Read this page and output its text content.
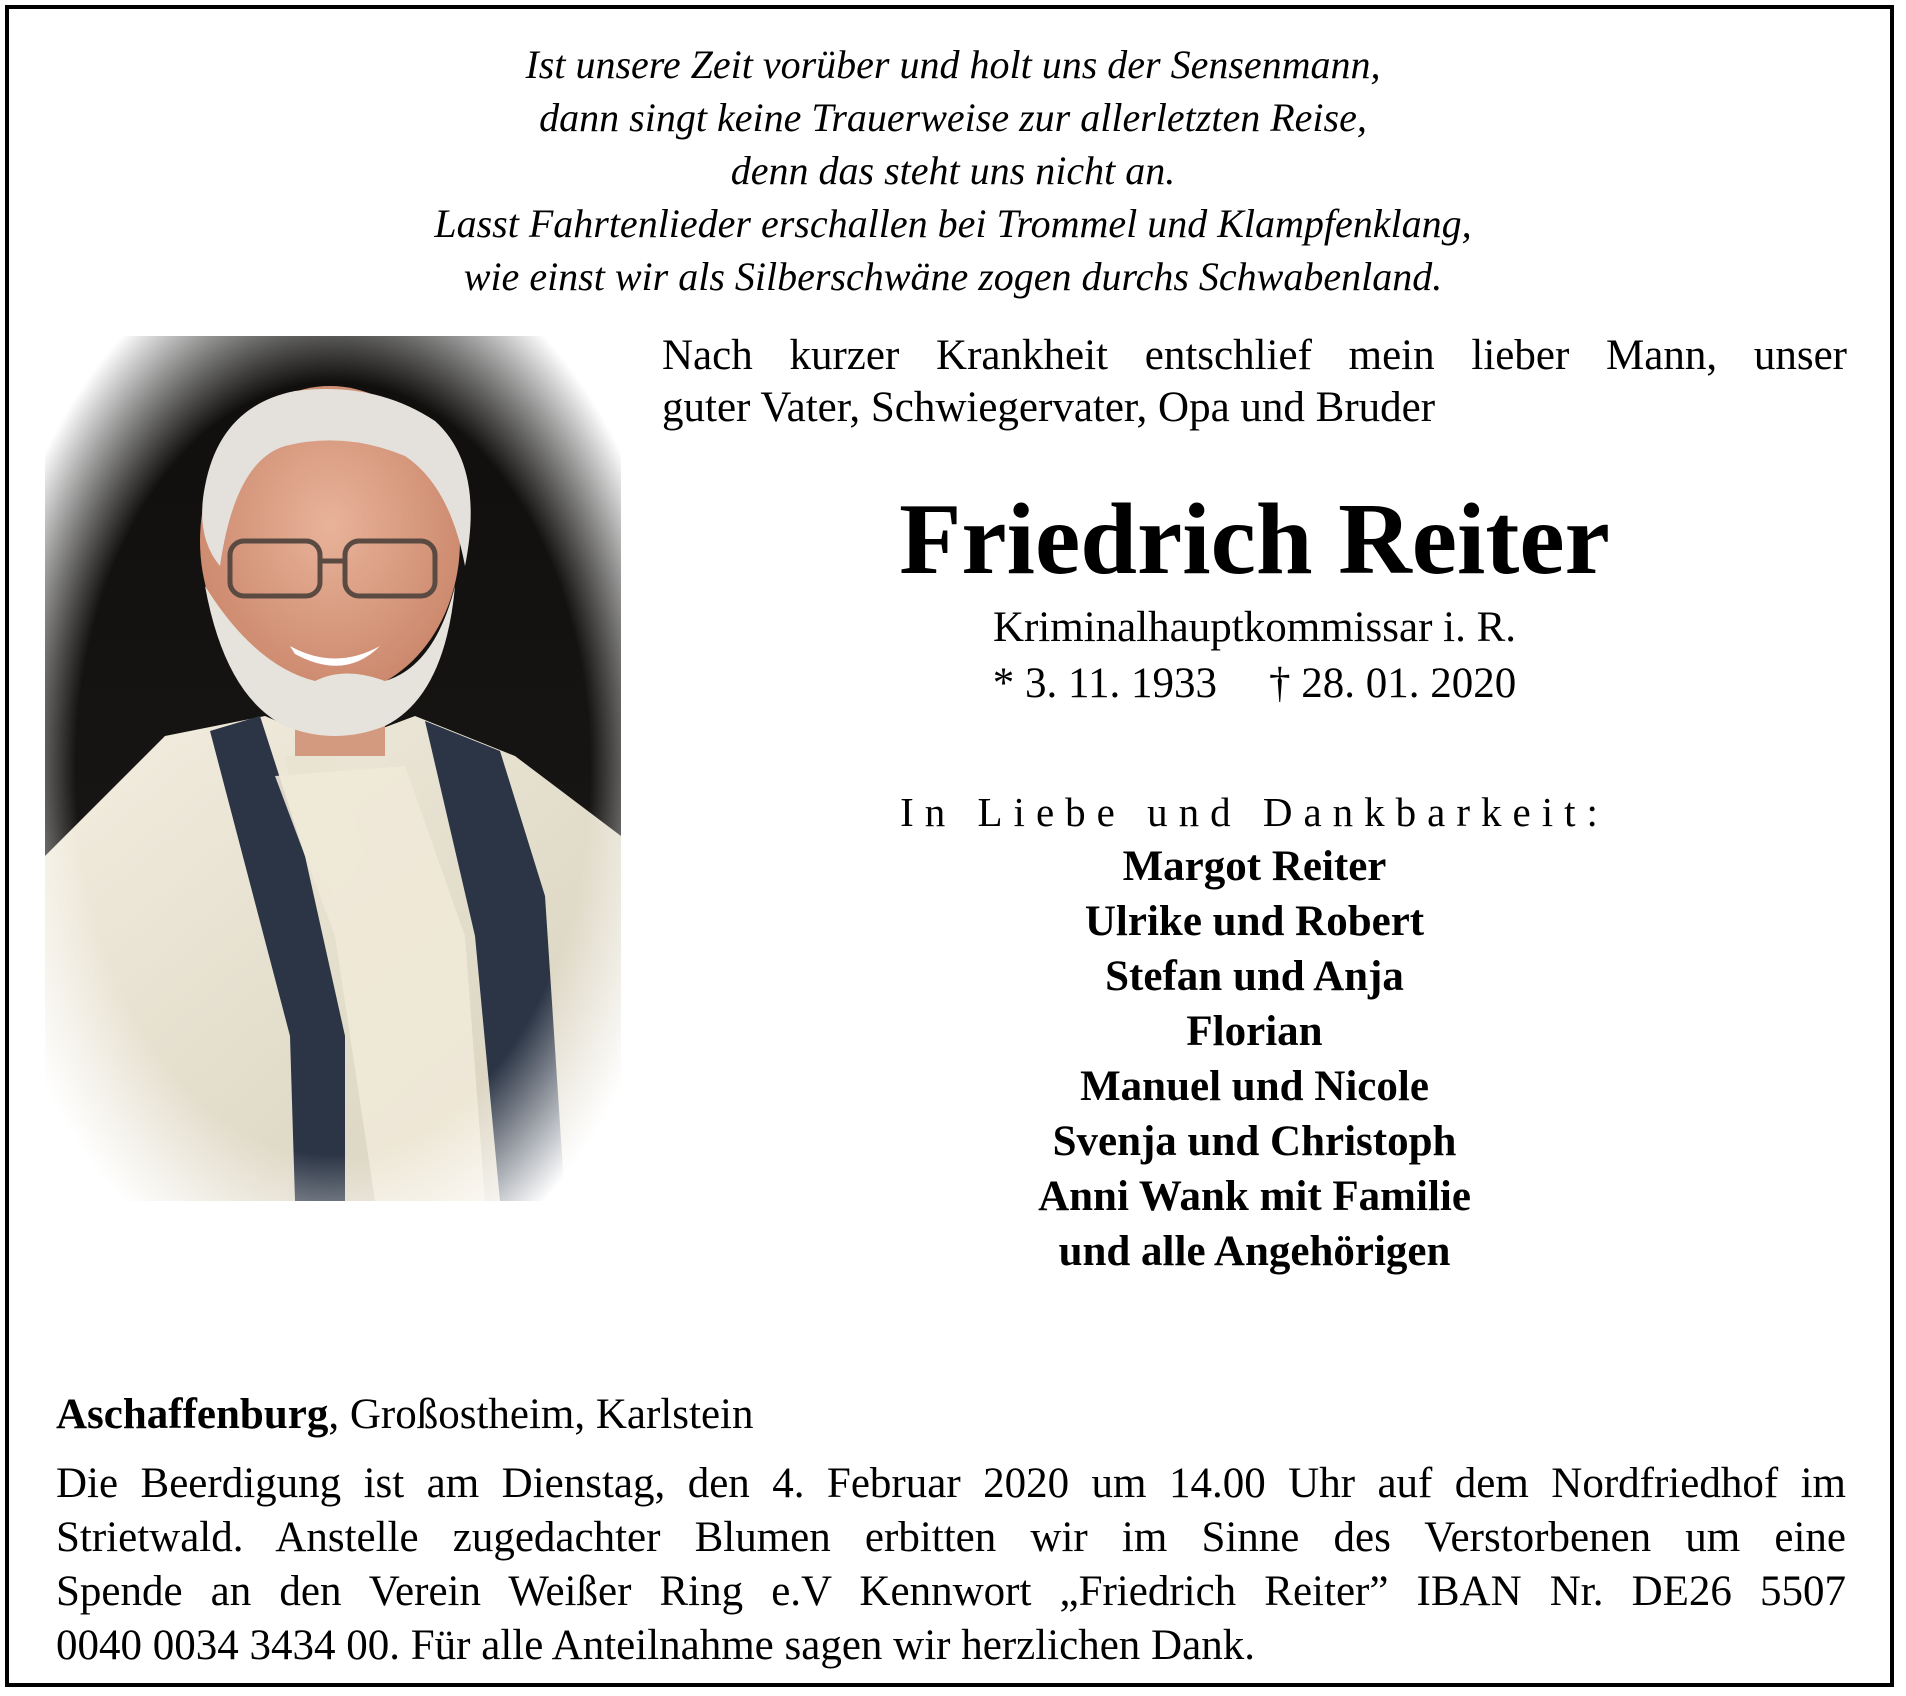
Ist unsere Zeit vorüber und holt uns der Sensenmann,
dann singt keine Trauerweise zur allerletzten Reise,
denn das steht uns nicht an.
Lasst Fahrtenlieder erschallen bei Trommel und Klampfenklang,
wie einst wir als Silberschwäne zogen durchs Schwabenland.
Nach kurzer Krankheit entschlief mein lieber Mann, unser
guter Vater, Schwiegervater, Opa und Bruder
Friedrich Reiter
Kriminalhauptkommissar i. R.
* 3. 11. 1933 † 28. 01. 2020
In Liebe und Dankbarkeit:
Margot Reiter
Ulrike und Robert
Stefan und Anja
Florian
Manuel und Nicole
Svenja und Christoph
Anni Wank mit Familie
und alle Angehörigen
Aschaffenburg, Großostheim, Karlstein
Die Beerdigung ist am Dienstag, den 4. Februar 2020 um 14.00 Uhr auf dem Nordfriedhof im
Strietwald. Anstelle zugedachter Blumen erbitten wir im Sinne des Verstorbenen um eine
Spende an den Verein Weißer Ring e.V Kennwort „Friedrich Reiter” IBAN Nr. DE26 5507
0040 0034 3434 00. Für alle Anteilnahme sagen wir herzlichen Dank.
